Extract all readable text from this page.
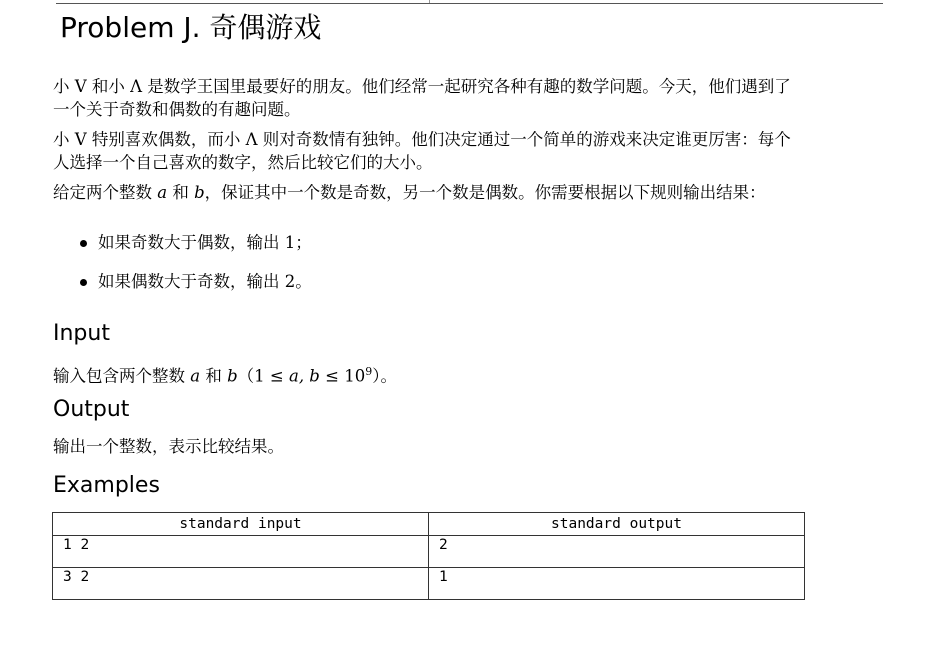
Problem J. 奇偶游戏
小 V 和小 Λ 是数学王国里最要好的朋友。他们经常一起研究各种有趣的数学问题。今天，他们遇到了
一个关于奇数和偶数的有趣问题。
小 V 特别喜欢偶数，而小 Λ 则对奇数情有独钟。他们决定通过一个简单的游戏来决定谁更厉害：每个
人选择一个自己喜欢的数字，然后比较它们的大小。
给定两个整数 a 和 b，保证其中一个数是奇数，另一个数是偶数。你需要根据以下规则输出结果：
如果奇数大于偶数，输出 1；
如果偶数大于奇数，输出 2。
Input
输入包含两个整数 a 和 b（1 ≤ a, $b \le 10^9$）。
Output
输出一个整数，表示比较结果。
Examples
standard input	standard output
1 2	2
3 2	1
